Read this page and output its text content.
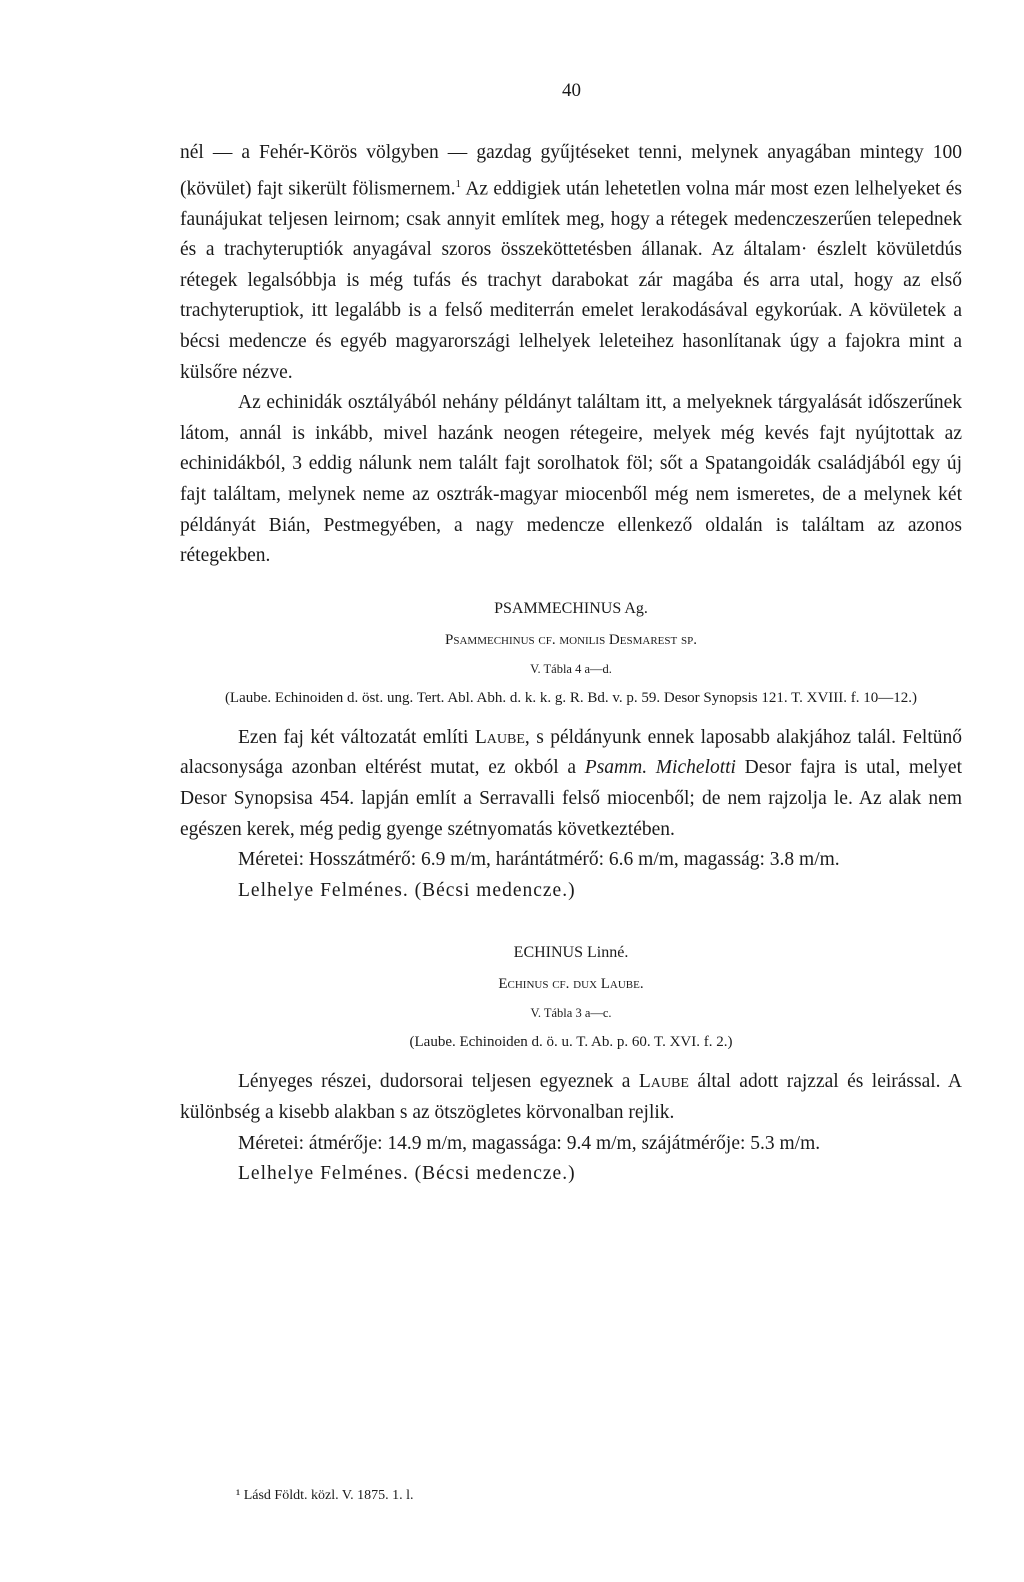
40

nél — a Fehér-Körös völgyben — gazdag gyűjtéseket tenni, melynek anyagában mintegy 100 (kövület) fajt sikerült fölismernem.$^1$ Az eddigiek után lehetetlen volna már most ezen lelhelyeket és faunájukat teljesen leirnom; csak annyit említek meg, hogy a rétegek medenczeszerűen telepednek és a trachyteruptiók anyagával szoros összeköttetésben állanak. Az általam· észlelt kövületdús rétegek legalsóbbja is még tufás és trachyt darabokat zár magába és arra utal, hogy az első trachyteruptiok, itt legalább is a felső mediterrán emelet lerakodásával egykorúak. A kövületek a bécsi medencze és egyéb magyarországi lelhelyek leleteihez hasonlítanak úgy a fajokra mint a külsőre nézve.

Az echinidák osztályából nehány példányt találtam itt, a melyeknek tárgyalását időszerűnek látom, annál is inkább, mivel hazánk neogen rétegeire, melyek még kevés fajt nyújtottak az echinidákból, 3 eddig nálunk nem talált fajt sorolhatok föl; sőt a Spatangoidák családjából egy új fajt találtam, melynek neme az osztrák-magyar miocenből még nem ismeretes, de a melynek két példányát Bián, Pestmegyében, a nagy medencze ellenkező oldalán is találtam az azonos rétegekben.

PSAMMECHINUS Ag.
Psammechinus cf. monilis Desmarest sp.
V. Tábla 4 a—d.
(Laube. Echinoiden d. öst. ung. Tert. Abl. Abh. d. k. k. g. R. Bd. v. p. 59. Desor Synopsis 121. T. XVIII. f. 10—12.)

Ezen faj két változatát említi Laube, s példányunk ennek laposabb alakjához talál. Feltünő alacsonysága azonban eltérést mutat, ez okból a Psamm. Michelotti Desor fajra is utal, melyet Desor Synopsisa 454. lapján említ a Serravalli felső miocenből; de nem rajzolja le. Az alak nem egészen kerek, még pedig gyenge szétnyomatás következtében.

Méretei: Hosszátmérő: 6.9 m/m, harántátmérő: 6.6 m/m, magasság: 3.8 m/m.

Lelhelye Felménes. (Bécsi medencze.)

ECHINUS Linné.
Echinus cf. dux Laube.
V. Tábla 3 a—c.
(Laube. Echinoiden d. ö. u. T. Ab. p. 60. T. XVI. f. 2.)

Lényeges részei, dudorsorai teljesen egyeznek a Laube által adott rajzzal és leirással. A különbség a kisebb alakban s az ötszögletes körvonalban rejlik.

Méretei: átmérője: 14.9 m/m, magassága: 9.4 m/m, szájátmérője: 5.3 m/m.

Lelhelye Felménes. (Bécsi medencze.)

¹ Lásd Földt. közl. V. 1875. 1. l.
